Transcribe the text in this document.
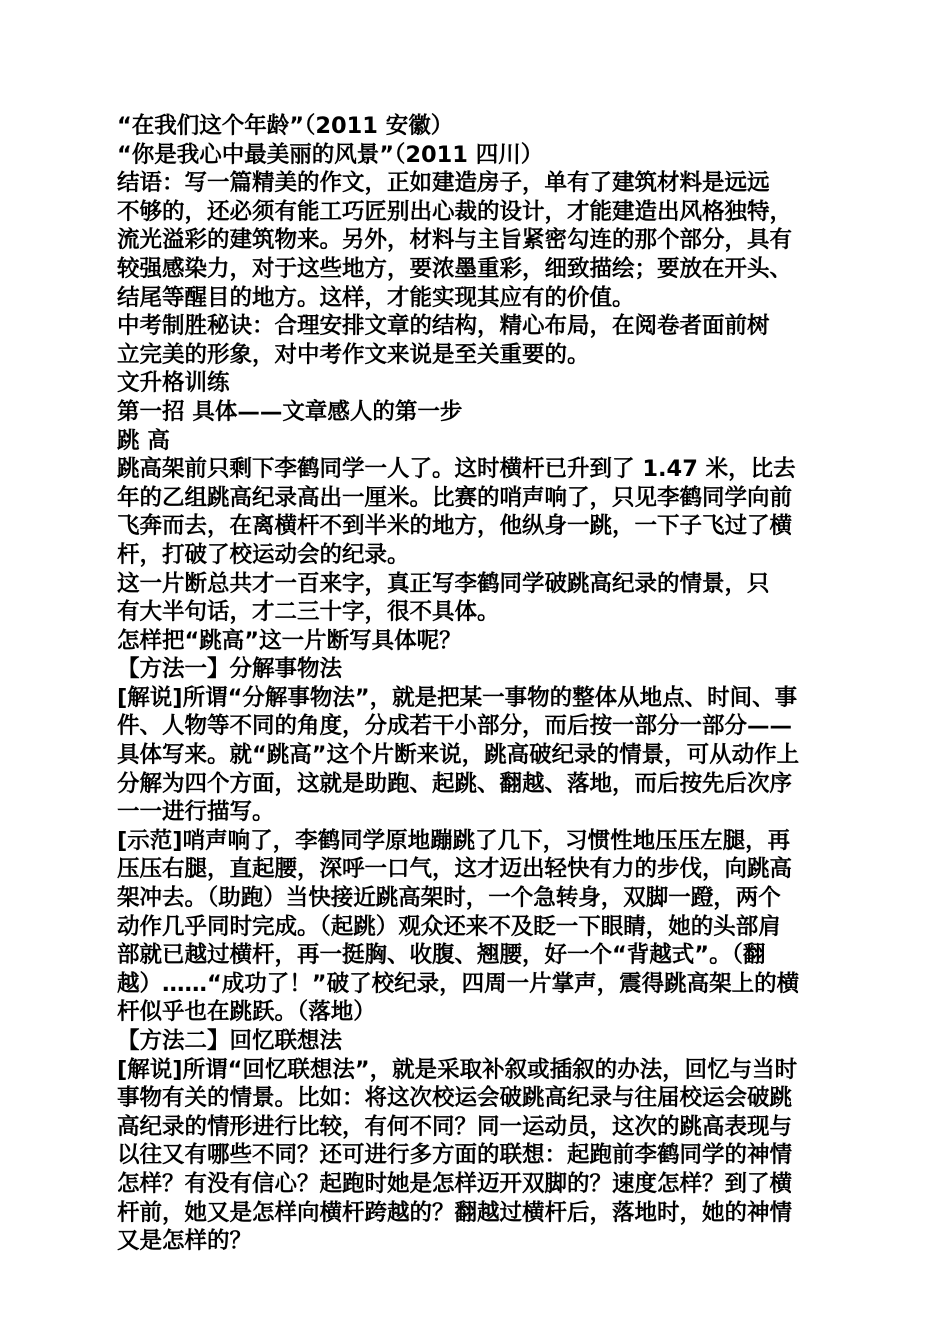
“在我们这个年龄”（2011 安徽）
“你是我心中最美丽的风景”（2011 四川）
结语：写一篇精美的作文，正如建造房子，单有了建筑材料是远远
不够的，还必须有能工巧匠别出心裁的设计，才能建造出风格独特，
流光溢彩的建筑物来。另外，材料与主旨紧密勾连的那个部分，具有
较强感染力，对于这些地方，要浓墨重彩，细致描绘；要放在开头、
结尾等醒目的地方。这样，才能实现其应有的价值。
中考制胜秘诀：合理安排文章的结构，精心布局，在阅卷者面前树
立完美的形象，对中考作文来说是至关重要的。
文升格训练
第一招 具体——文章感人的第一步
跳 高
跳高架前只剩下李鹤同学一人了。这时横杆已升到了 1.47 米，比去
年的乙组跳高纪录高出一厘米。比赛的哨声响了，只见李鹤同学向前
飞奔而去，在离横杆不到半米的地方，他纵身一跳，一下子飞过了横
杆，打破了校运动会的纪录。
这一片断总共才一百来字，真正写李鹤同学破跳高纪录的情景，只
有大半句话，才二三十字，很不具体。
怎样把“跳高”这一片断写具体呢？
【方法一】分解事物法
[解说]所谓“分解事物法”，就是把某一事物的整体从地点、时间、事
件、人物等不同的角度，分成若干小部分，而后按一部分一部分——
具体写来。就“跳高”这个片断来说，跳高破纪录的情景，可从动作上
分解为四个方面，这就是助跑、起跳、翻越、落地，而后按先后次序
一一进行描写。
[示范]哨声响了，李鹤同学原地蹦跳了几下，习惯性地压压左腿，再
压压右腿，直起腰，深呼一口气，这才迈出轻快有力的步伐，向跳高
架冲去。（助跑）当快接近跳高架时，一个急转身，双脚一蹬，两个
动作几乎同时完成。（起跳）观众还来不及眨一下眼睛，她的头部肩
部就已越过横杆，再一挺胸、收腹、翘腰，好一个“背越式”。（翻
越）……“成功了！”破了校纪录，四周一片掌声，震得跳高架上的横
杆似乎也在跳跃。（落地）
【方法二】回忆联想法
[解说]所谓“回忆联想法”，就是采取补叙或插叙的办法，回忆与当时
事物有关的情景。比如：将这次校运会破跳高纪录与往届校运会破跳
高纪录的情形进行比较，有何不同？同一运动员，这次的跳高表现与
以往又有哪些不同？还可进行多方面的联想：起跑前李鹤同学的神情
怎样？有没有信心？起跑时她是怎样迈开双脚的？速度怎样？到了横
杆前，她又是怎样向横杆跨越的？翻越过横杆后，落地时，她的神情
又是怎样的？
